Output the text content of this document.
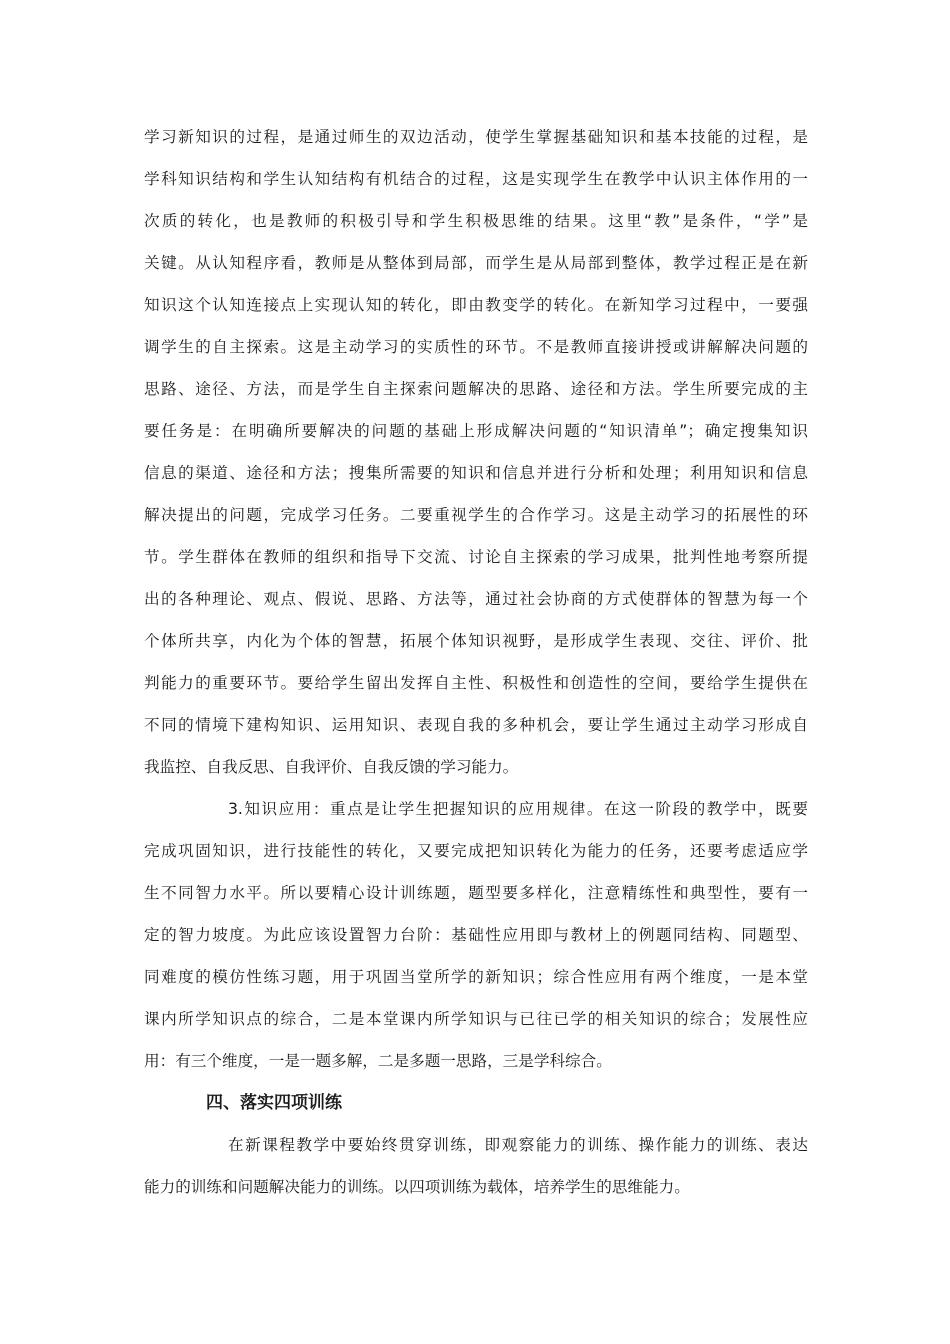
学习新知识的过程，是通过师生的双边活动，使学生掌握基础知识和基本技能的过程，是
学科知识结构和学生认知结构有机结合的过程，这是实现学生在教学中认识主体作用的一
次质的转化，也是教师的积极引导和学生积极思维的结果。这里“教”是条件，“学”是
关键。从认知程序看，教师是从整体到局部，而学生是从局部到整体，教学过程正是在新
知识这个认知连接点上实现认知的转化，即由教变学的转化。在新知学习过程中，一要强
调学生的自主探索。这是主动学习的实质性的环节。不是教师直接讲授或讲解解决问题的
思路、途径、方法，而是学生自主探索问题解决的思路、途径和方法。学生所要完成的主
要任务是：在明确所要解决的问题的基础上形成解决问题的“知识清单”；确定搜集知识
信息的渠道、途径和方法；搜集所需要的知识和信息并进行分析和处理；利用知识和信息
解决提出的问题，完成学习任务。二要重视学生的合作学习。这是主动学习的拓展性的环
节。学生群体在教师的组织和指导下交流、讨论自主探索的学习成果，批判性地考察所提
出的各种理论、观点、假说、思路、方法等，通过社会协商的方式使群体的智慧为每一个
个体所共享，内化为个体的智慧，拓展个体知识视野，是形成学生表现、交往、评价、批
判能力的重要环节。要给学生留出发挥自主性、积极性和创造性的空间，要给学生提供在
不同的情境下建构知识、运用知识、表现自我的多种机会，要让学生通过主动学习形成自
我监控、自我反思、自我评价、自我反馈的学习能力。
3.知识应用：重点是让学生把握知识的应用规律。在这一阶段的教学中，既要
完成巩固知识，进行技能性的转化，又要完成把知识转化为能力的任务，还要考虑适应学
生不同智力水平。所以要精心设计训练题，题型要多样化，注意精练性和典型性，要有一
定的智力坡度。为此应该设置智力台阶：基础性应用即与教材上的例题同结构、同题型、
同难度的模仿性练习题，用于巩固当堂所学的新知识；综合性应用有两个维度，一是本堂
课内所学知识点的综合，二是本堂课内所学知识与已往已学的相关知识的综合；发展性应
用：有三个维度，一是一题多解，二是多题一思路，三是学科综合。
四、落实四项训练
在新课程教学中要始终贯穿训练，即观察能力的训练、操作能力的训练、表达
能力的训练和问题解决能力的训练。以四项训练为载体，培养学生的思维能力。
